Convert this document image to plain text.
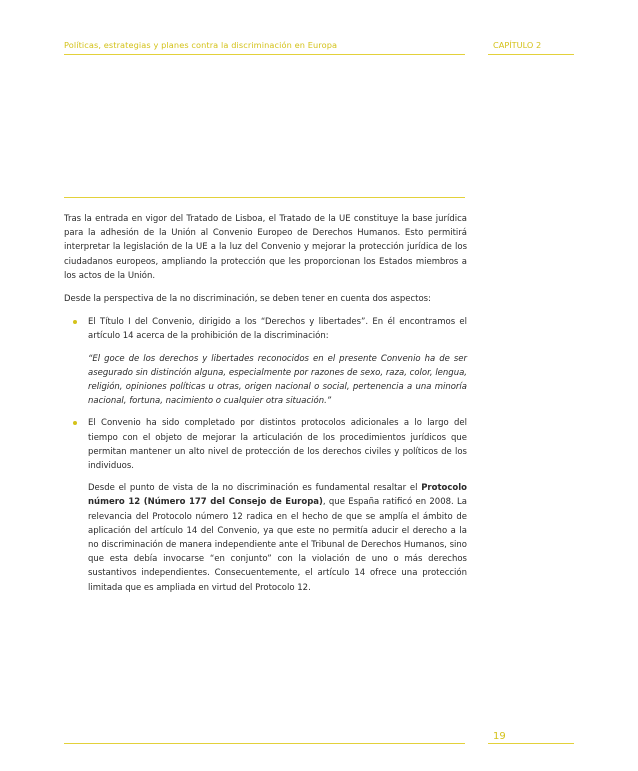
Políticas, estrategias y planes contra la discriminación en Europa	CAPÍTULO 2

Tras la entrada en vigor del Tratado de Lisboa, el Tratado de la UE constituye la base jurídica para la adhesión de la Unión al Convenio Europeo de Derechos Humanos. Esto permitirá interpretar la legislación de la UE a la luz del Convenio y mejorar la protección jurídica de los ciudadanos europeos, ampliando la protección que les proporcionan los Estados miembros a los actos de la Unión.

Desde la perspectiva de la no discriminación, se deben tener en cuenta dos aspectos:

El Título I del Convenio, dirigido a los “Derechos y libertades”. En él encontramos el artículo 14 acerca de la prohibición de la discriminación:

“El goce de los derechos y libertades reconocidos en el presente Convenio ha de ser asegurado sin distinción alguna, especialmente por razones de sexo, raza, color, lengua, religión, opiniones políticas u otras, origen nacional o social, pertenencia a una minoría nacional, fortuna, nacimiento o cualquier otra situación.”

El Convenio ha sido completado por distintos protocolos adicionales a lo largo del tiempo con el objeto de mejorar la articulación de los procedimientos jurídicos que permitan mantener un alto nivel de protección de los derechos civiles y políticos de los individuos.

Desde el punto de vista de la no discriminación es fundamental resaltar el Protocolo número 12 (Número 177 del Consejo de Europa), que España ratificó en 2008. La relevancia del Protocolo número 12 radica en el hecho de que se amplía el ámbito de aplicación del artículo 14 del Convenio, ya que este no permitía aducir el derecho a la no discriminación de manera independiente ante el Tribunal de Derechos Humanos, sino que esta debía invocarse “en conjunto” con la violación de uno o más derechos sustantivos independientes. Consecuentemente, el artículo 14 ofrece una protección limitada que es ampliada en virtud del Protocolo 12.

19
